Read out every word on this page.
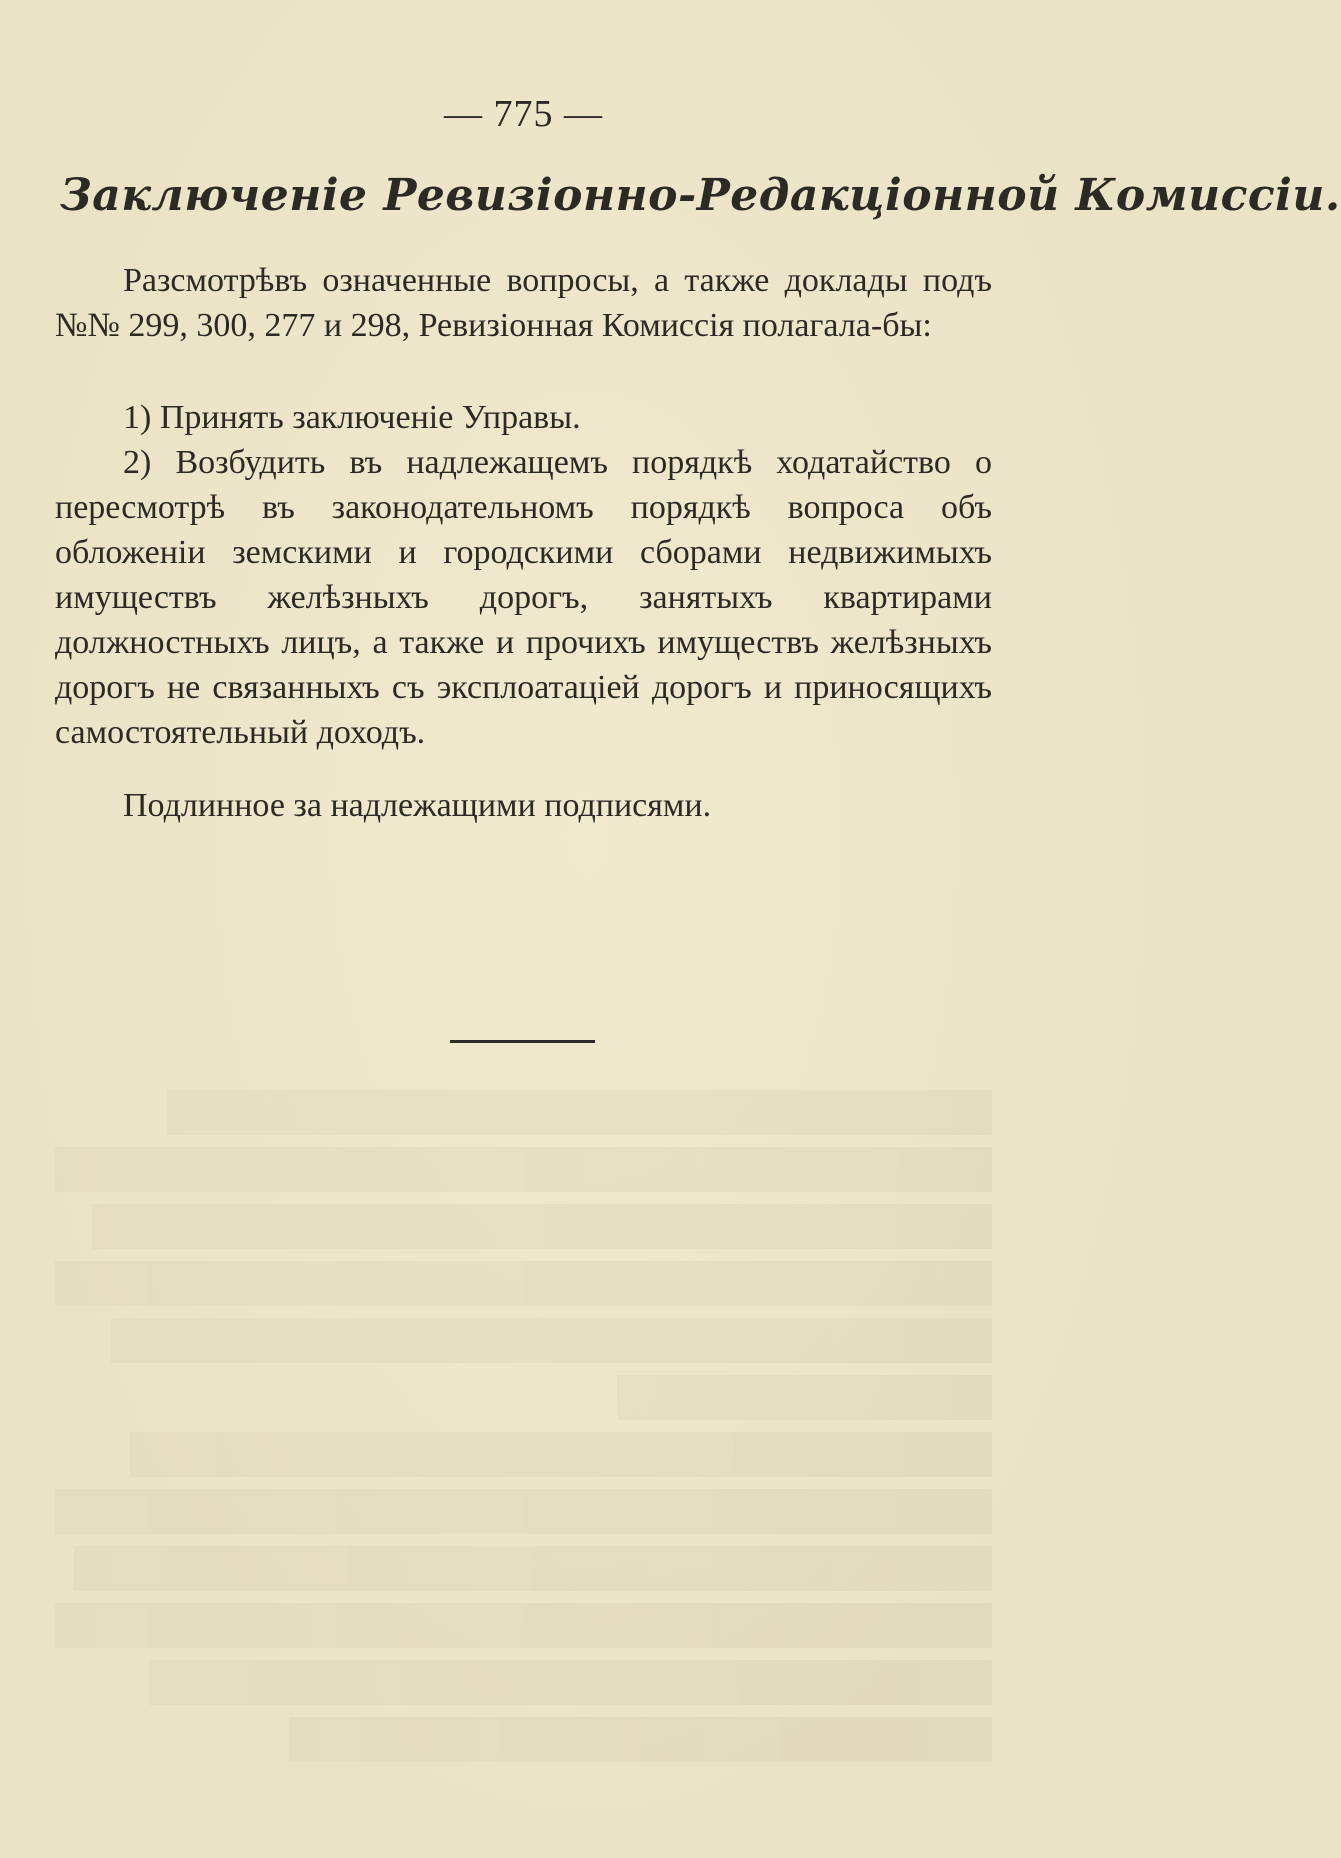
— 775 —
Заключеніе Ревизіонно-Редакціонной Комиссіи.

Разсмотрѣвъ означенные вопросы, а также доклады подъ №№ 299, 300, 277 и 298, Ревизіонная Комиссія полагала-бы:

1) Принять заключеніе Управы.

2) Возбудить въ надлежащемъ порядкѣ ходатайство о пересмотрѣ въ законодательномъ порядкѣ вопроса объ обложеніи земскими и городскими сборами недвижимыхъ имуществъ желѣзныхъ дорогъ, занятыхъ квартирами должностныхъ лицъ, а также и прочихъ имуществъ желѣзныхъ дорогъ не связанныхъ съ эксплоатаціей дорогъ и приносящихъ самостоятельный доходъ.

Подлинное за надлежащими подписями.
